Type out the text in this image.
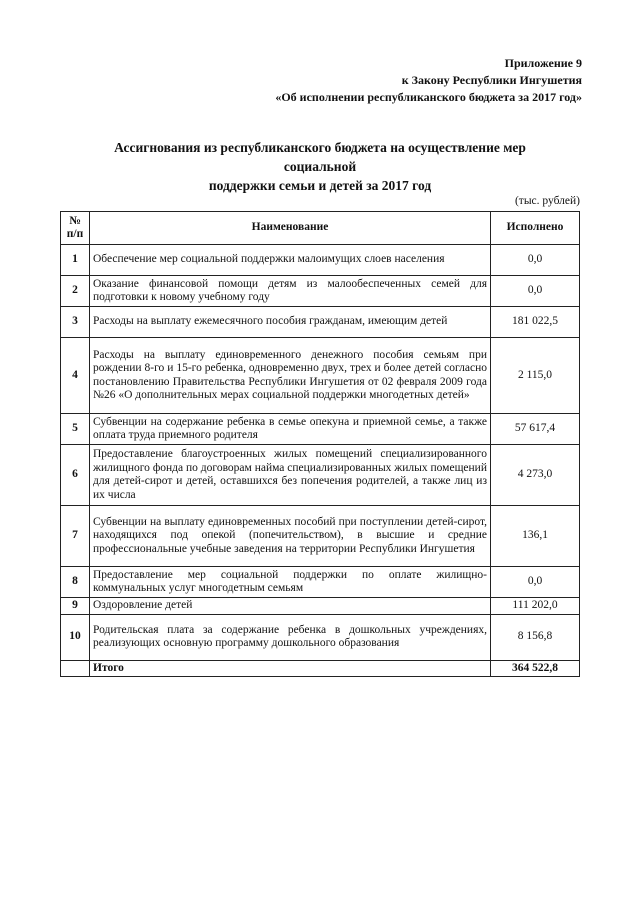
Приложение 9
к Закону Республики Ингушетия
«Об исполнении республиканского бюджета за 2017 год»
Ассигнования из республиканского бюджета на осуществление мер социальной
поддержки семьи и детей за 2017 год
(тыс. рублей)
№ п/п	Наименование	Исполнено
1	Обеспечение мер социальной поддержки малоимущих слоев населения	0,0
2	Оказание финансовой помощи детям из малообеспеченных семей для подготовки к новому учебному году	0,0
3	Расходы на выплату ежемесячного пособия гражданам, имеющим детей	181 022,5
4	Расходы на выплату единовременного денежного пособия семьям при рождении 8-го и 15-го ребенка, одновременно двух, трех и более детей согласно постановлению Правительства Республики Ингушетия от 02 февраля 2009 года №26 «О дополнительных мерах социальной поддержки многодетных детей»	2 115,0
5	Субвенции на содержание ребенка в семье опекуна и приемной семье, а также оплата труда приемного родителя	57 617,4
6	Предоставление благоустроенных жилых помещений специализированного жилищного фонда по договорам найма специализированных жилых помещений для детей-сирот и детей, оставшихся без попечения родителей, а также лиц из их числа	4 273,0
7	Субвенции на выплату единовременных пособий при поступлении детей-сирот, находящихся под опекой (попечительством), в высшие и средние профессиональные учебные заведения на территории Республики Ингушетия	136,1
8	Предоставление мер социальной поддержки по оплате жилищно-коммунальных услуг многодетным семьям	0,0
9	Оздоровление детей	111 202,0
10	Родительская плата за содержание ребенка в дошкольных учреждениях, реализующих основную программу дошкольного образования	8 156,8
	Итого	364 522,8
